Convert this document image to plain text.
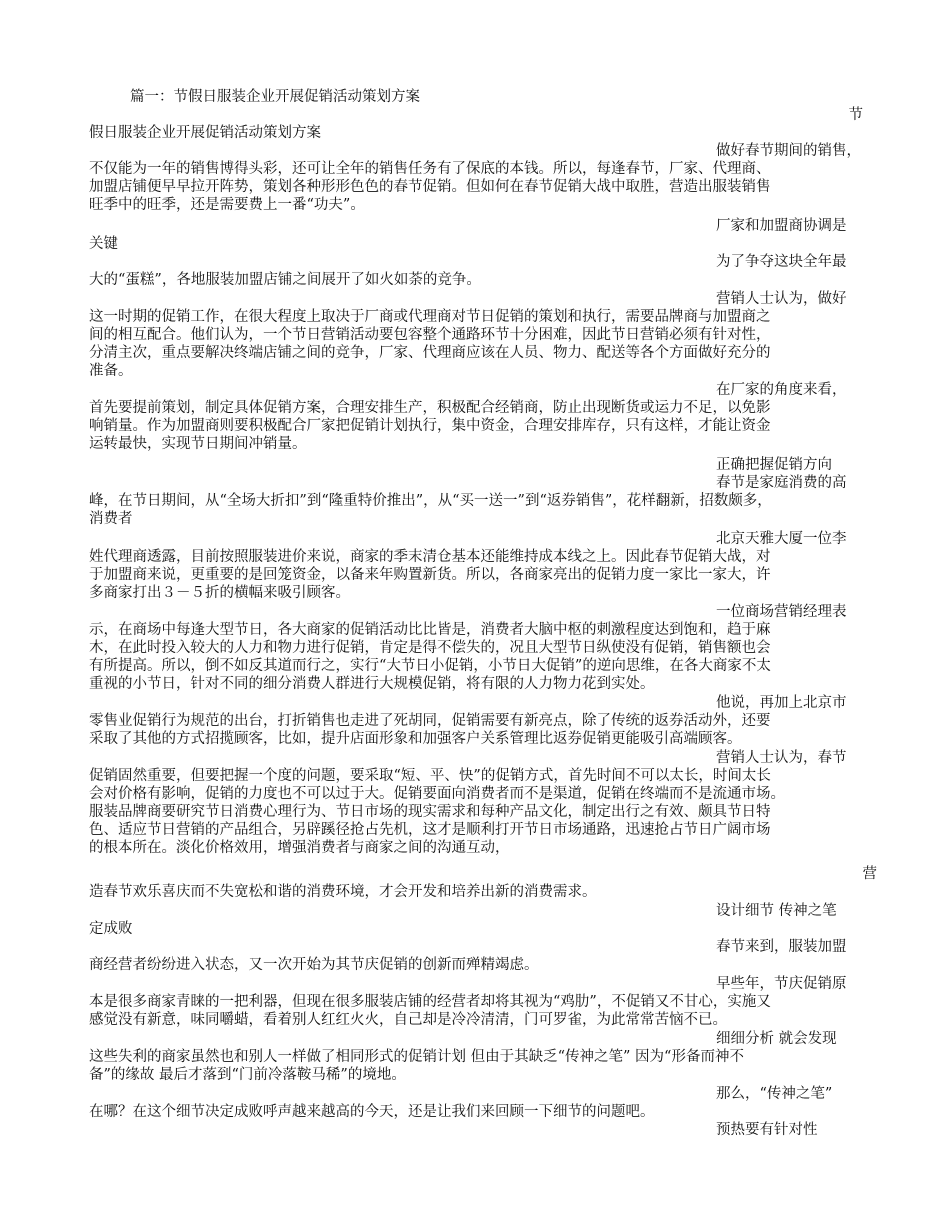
篇一：节假日服装企业开展促销活动策划方案
节
假日服装企业开展促销活动策划方案
做好春节期间的销售，
不仅能为一年的销售博得头彩，还可让全年的销售任务有了保底的本钱。所以，每逢春节，厂家、代理商、
加盟店铺便早早拉开阵势，策划各种形形色色的春节促销。但如何在春节促销大战中取胜，营造出服装销售
旺季中的旺季，还是需要费上一番“功夫”。
厂家和加盟商协调是
关键
为了争夺这块全年最
大的“蛋糕”，各地服装加盟店铺之间展开了如火如荼的竞争。
营销人士认为，做好
这一时期的促销工作，在很大程度上取决于厂商或代理商对节日促销的策划和执行，需要品牌商与加盟商之
间的相互配合。他们认为，一个节日营销活动要包容整个通路环节十分困难，因此节日营销必须有针对性，
分清主次，重点要解决终端店铺之间的竞争，厂家、代理商应该在人员、物力、配送等各个方面做好充分的
准备。
在厂家的角度来看，
首先要提前策划，制定具体促销方案，合理安排生产，积极配合经销商，防止出现断货或运力不足，以免影
响销量。作为加盟商则要积极配合厂家把促销计划执行，集中资金，合理安排库存，只有这样，才能让资金
运转最快，实现节日期间冲销量。
正确把握促销方向
春节是家庭消费的高
峰，在节日期间，从“全场大折扣”到“隆重特价推出”，从“买一送一”到“返券销售”，花样翻新，招数颇多，
消费者
北京天雅大厦一位李
姓代理商透露，目前按照服装进价来说，商家的季末清仓基本还能维持成本线之上。因此春节促销大战，对
于加盟商来说，更重要的是回笼资金，以备来年购置新货。所以，各商家亮出的促销力度一家比一家大，许
多商家打出３－５折的横幅来吸引顾客。
一位商场营销经理表
示，在商场中每逢大型节日，各大商家的促销活动比比皆是，消费者大脑中枢的刺激程度达到饱和，趋于麻
木，在此时投入较大的人力和物力进行促销，肯定是得不偿失的，况且大型节日纵使没有促销，销售额也会
有所提高。所以，倒不如反其道而行之，实行“大节日小促销，小节日大促销”的逆向思维，在各大商家不太
重视的小节日，针对不同的细分消费人群进行大规模促销，将有限的人力物力花到实处。
他说，再加上北京市
零售业促销行为规范的出台，打折销售也走进了死胡同，促销需要有新亮点，除了传统的返券活动外，还要
采取了其他的方式招揽顾客，比如，提升店面形象和加强客户关系管理比返券促销更能吸引高端顾客。
营销人士认为，春节
促销固然重要，但要把握一个度的问题，要采取“短、平、快”的促销方式，首先时间不可以太长，时间太长
会对价格有影响，促销的力度也不可以过于大。促销要面向消费者而不是渠道，促销在终端而不是流通市场。
服装品牌商要研究节日消费心理行为、节日市场的现实需求和每种产品文化，制定出行之有效、颇具节日特
色、适应节日营销的产品组合，另辟蹊径抢占先机，这才是顺利打开节日市场通路，迅速抢占节日广阔市场
的根本所在。淡化价格效用，增强消费者与商家之间的沟通互动，
营
造春节欢乐喜庆而不失宽松和谐的消费环境，才会开发和培养出新的消费需求。
设计细节 传神之笔
定成败
春节来到，服装加盟
商经营者纷纷进入状态，又一次开始为其节庆促销的创新而殚精竭虑。
早些年，节庆促销原
本是很多商家青睐的一把利器，但现在很多服装店铺的经营者却将其视为“鸡肋”，不促销又不甘心，实施又
感觉没有新意，味同嚼蜡，看着别人红红火火，自己却是冷冷清清，门可罗雀，为此常常苦恼不已。
细细分析 就会发现
这些失利的商家虽然也和别人一样做了相同形式的促销计划 但由于其缺乏“传神之笔” 因为“形备而神不
备”的缘故 最后才落到“门前冷落鞍马稀”的境地。
那么，“传神之笔”
在哪？在这个细节决定成败呼声越来越高的今天，还是让我们来回顾一下细节的问题吧。
预热要有针对性
